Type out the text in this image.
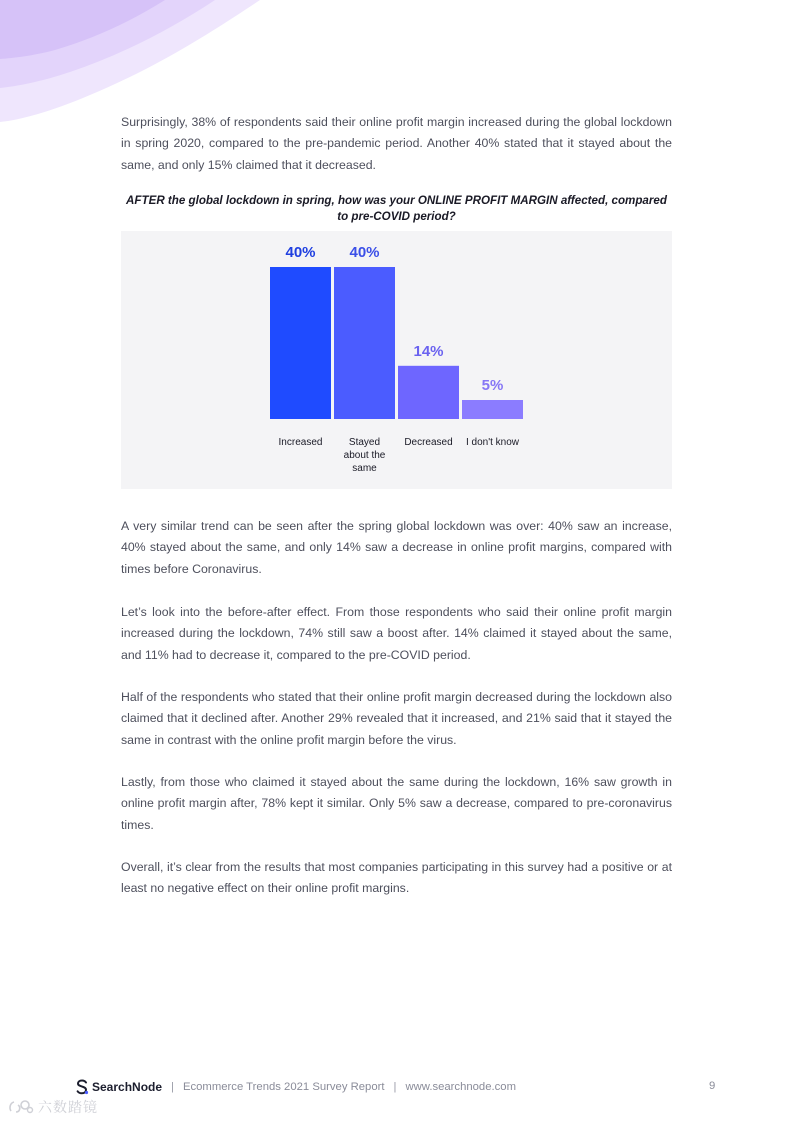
Surprisingly, 38% of respondents said their online profit margin increased during the global lockdown in spring 2020, compared to the pre-pandemic period. Another 40% stated that it stayed about the same, and only 15% claimed that it decreased.

AFTER the global lockdown in spring, how was your ONLINE PROFIT MARGIN affected, compared to pre-COVID period?
40%
Increased
40%
Stayed about the same
14%
Decreased
5%
I don't know

A very similar trend can be seen after the spring global lockdown was over: 40% saw an increase, 40% stayed about the same, and only 14% saw a decrease in online profit margins, compared with times before Coronavirus.

Let’s look into the before-after effect. From those respondents who said their online profit margin increased during the lockdown, 74% still saw a boost after. 14% claimed it stayed about the same, and 11% had to decrease it, compared to the pre-COVID period.

Half of the respondents who stated that their online profit margin decreased during the lockdown also claimed that it declined after. Another 29% revealed that it increased, and 21% said that it stayed the same in contrast with the online profit margin before the virus.

Lastly, from those who claimed it stayed about the same during the lockdown, 16% saw growth in online profit margin after, 78% kept it similar. Only 5% saw a decrease, compared to pre-coronavirus times.

Overall, it’s clear from the results that most companies participating in this survey had a positive or at least no negative effect on their online profit margins.

SearchNode | Ecommerce Trends 2021 Survey Report | www.searchnode.com	9
六数踏镜
